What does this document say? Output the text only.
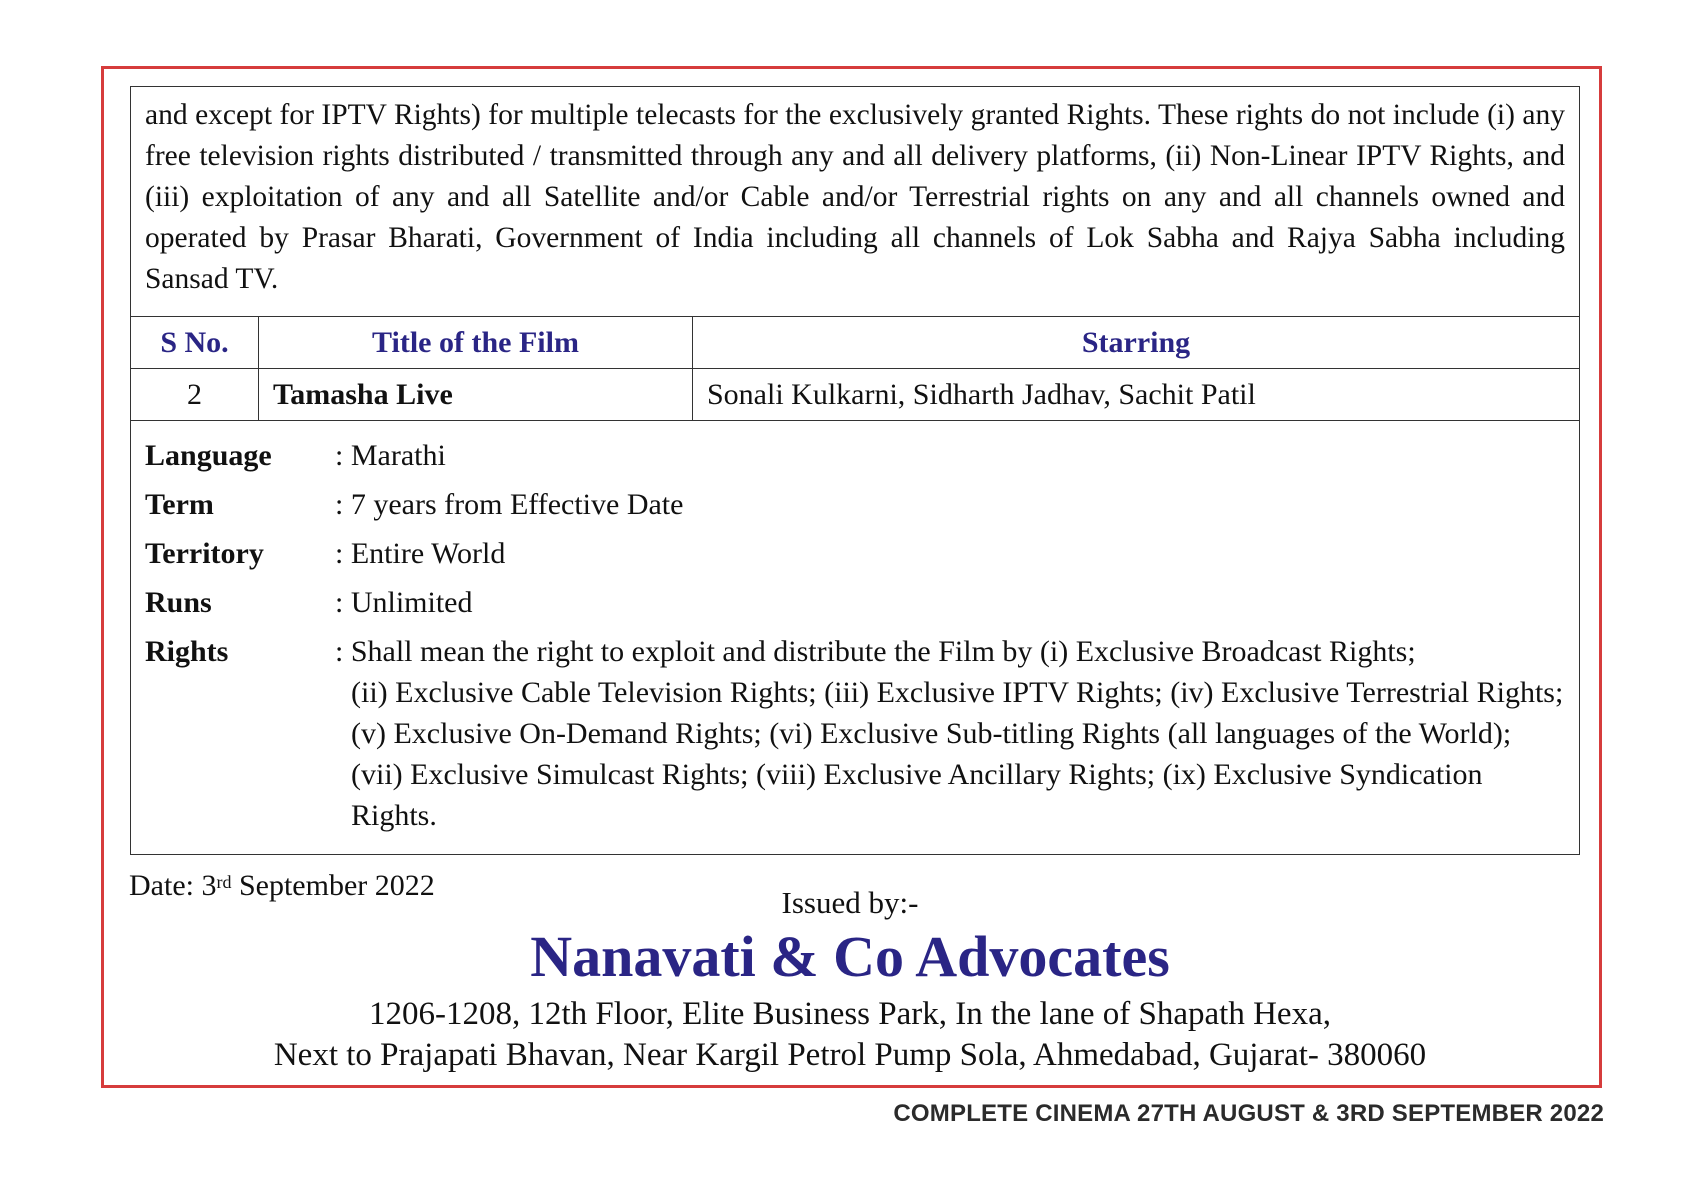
and except for IPTV Rights) for multiple telecasts for the exclusively granted Rights. These rights do not include (i) any free television rights distributed / transmitted through any and all delivery platforms, (ii) Non-Linear IPTV Rights, and (iii) exploitation of any and all Satellite and/or Cable and/or Terrestrial rights on any and all channels owned and operated by Prasar Bharati, Government of India including all channels of Lok Sabha and Rajya Sabha including Sansad TV.

S No.	Title of the Film	Starring
2	Tamasha Live	Sonali Kulkarni, Sidharth Jadhav, Sachit Patil
Language	: Marathi
Term	: 7 years from Effective Date
Territory	: Entire World
Runs	: Unlimited
Rights	: Shall mean the right to exploit and distribute the Film by (i) Exclusive Broadcast Rights;
(ii) Exclusive Cable Television Rights; (iii) Exclusive IPTV Rights; (iv) Exclusive Terrestrial Rights; (v) Exclusive On-Demand Rights; (vi) Exclusive Sub-titling Rights (all languages of the World); (vii) Exclusive Simulcast Rights; (viii) Exclusive Ancillary Rights; (ix) Exclusive Syndication Rights.
Date: 3rd September 2022	Issued by:-
Nanavati & Co Advocates
1206-1208, 12th Floor, Elite Business Park, In the lane of Shapath Hexa,
Next to Prajapati Bhavan, Near Kargil Petrol Pump Sola, Ahmedabad, Gujarat- 380060
COMPLETE CINEMA 27TH AUGUST & 3RD SEPTEMBER 2022
